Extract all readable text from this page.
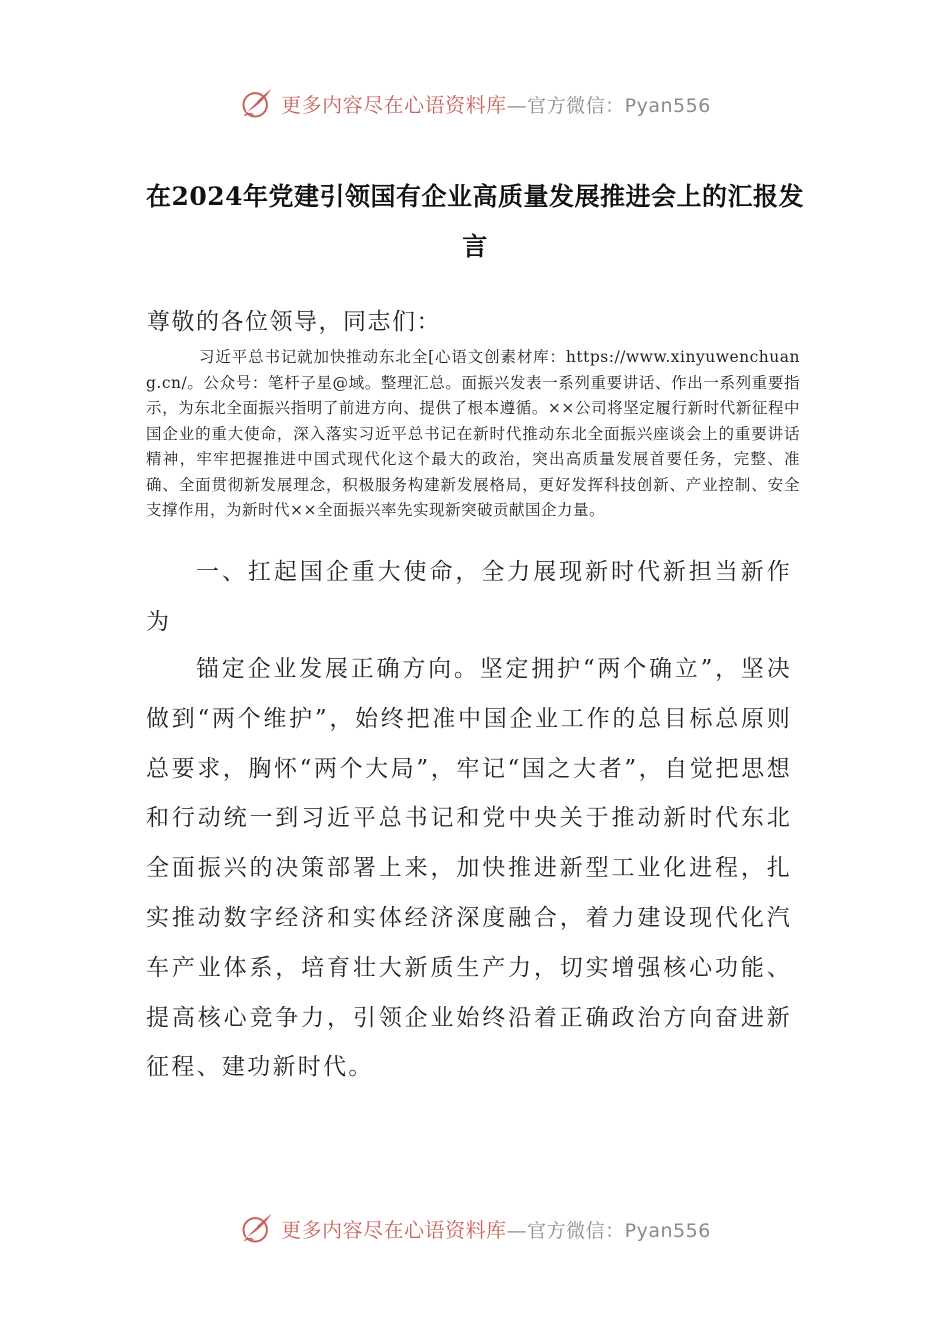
更多内容尽在心语资料库—官方微信：Pyan556
在2024年党建引领国有企业高质量发展推进会上的汇报发言
尊敬的各位领导，同志们：
习近平总书记就加快推动东北全[心语文创素材库：https://www.xinyuwenchuang.cn/。公众号：笔杆子星@域。整理汇总。面振兴发表一系列重要讲话、作出一系列重要指示，为东北全面振兴指明了前进方向、提供了根本遵循。××公司将坚定履行新时代新征程中国企业的重大使命，深入落实习近平总书记在新时代推动东北全面振兴座谈会上的重要讲话精神，牢牢把握推进中国式现代化这个最大的政治，突出高质量发展首要任务，完整、准确、全面贯彻新发展理念，积极服务构建新发展格局，更好发挥科技创新、产业控制、安全支撑作用，为新时代××全面振兴率先实现新突破贡献国企力量。
一、扛起国企重大使命，全力展现新时代新担当新作为
锚定企业发展正确方向。坚定拥护“两个确立”，坚决做到“两个维护”，始终把准中国企业工作的总目标总原则总要求，胸怀“两个大局”，牢记“国之大者”，自觉把思想和行动统一到习近平总书记和党中央关于推动新时代东北全面振兴的决策部署上来，加快推进新型工业化进程，扎实推动数字经济和实体经济深度融合，着力建设现代化汽车产业体系，培育壮大新质生产力，切实增强核心功能、提高核心竞争力，引领企业始终沿着正确政治方向奋进新征程、建功新时代。
更多内容尽在心语资料库—官方微信：Pyan556
